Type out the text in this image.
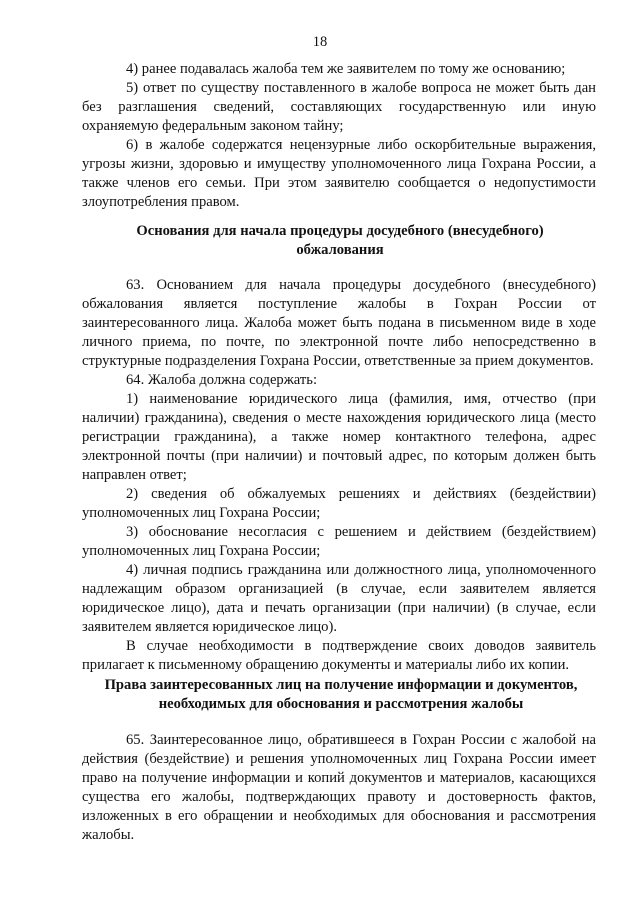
18

4) ранее подавалась жалоба тем же заявителем по тому же основанию;

5) ответ по существу поставленного в жалобе вопроса не может быть дан без разглашения сведений, составляющих государственную или иную охраняемую федеральным законом тайну;

6) в жалобе содержатся нецензурные либо оскорбительные выражения, угрозы жизни, здоровью и имуществу уполномоченного лица Гохрана России, а также членов его семьи. При этом заявителю сообщается о недопустимости злоупотребления правом.

Основания для начала процедуры досудебного (внесудебного) обжалования

63. Основанием для начала процедуры досудебного (внесудебного) обжалования является поступление жалобы в Гохран России от заинтересованного лица. Жалоба может быть подана в письменном виде в ходе личного приема, по почте, по электронной почте либо непосредственно в структурные подразделения Гохрана России, ответственные за прием документов.

64. Жалоба должна содержать:

1) наименование юридического лица (фамилия, имя, отчество (при наличии) гражданина), сведения о месте нахождения юридического лица (место регистрации гражданина), а также номер контактного телефона, адрес электронной почты (при наличии) и почтовый адрес, по которым должен быть направлен ответ;

2) сведения об обжалуемых решениях и действиях (бездействии) уполномоченных лиц Гохрана России;

3) обоснование несогласия с решением и действием (бездействием) уполномоченных лиц Гохрана России;

4) личная подпись гражданина или должностного лица, уполномоченного надлежащим образом организацией (в случае, если заявителем является юридическое лицо), дата и печать организации (при наличии) (в случае, если заявителем является юридическое лицо).

В случае необходимости в подтверждение своих доводов заявитель прилагает к письменному обращению документы и материалы либо их копии.

Права заинтересованных лиц на получение информации и документов, необходимых для обоснования и рассмотрения жалобы

65. Заинтересованное лицо, обратившееся в Гохран России с жалобой на действия (бездействие) и решения уполномоченных лиц Гохрана России имеет право на получение информации и копий документов и материалов, касающихся существа его жалобы, подтверждающих правоту и достоверность фактов, изложенных в его обращении и необходимых для обоснования и рассмотрения жалобы.
